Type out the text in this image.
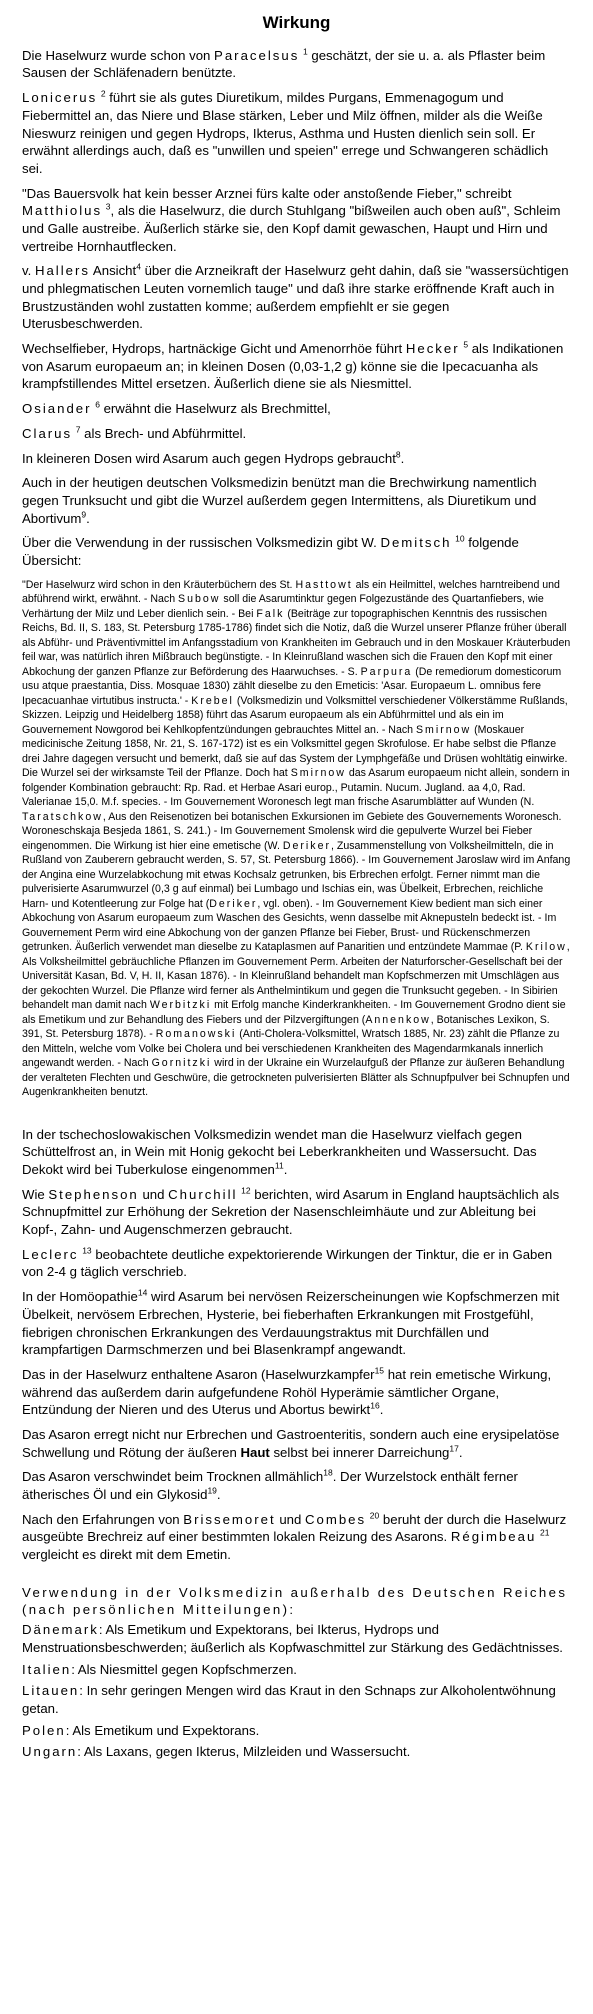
Wirkung

Die Haselwurz wurde schon von Paracelsus $^1$ geschätzt, der sie u. a. als Pflaster beim Sausen der Schläfenadern benützte.

Lonicerus $^2$ führt sie als gutes Diuretikum, mildes Purgans, Emmenagogum und Fiebermittel an, das Niere und Blase stärken, Leber und Milz öffnen, milder als die Weiße Nieswurz reinigen und gegen Hydrops, Ikterus, Asthma und Husten dienlich sein soll. Er erwähnt allerdings auch, daß es "unwillen und speien" errege und Schwangeren schädlich sei.

"Das Bauersvolk hat kein besser Arznei fürs kalte oder anstoßende Fieber," schreibt Matthiolus $^3$, als die Haselwurz, die durch Stuhlgang "bißweilen auch oben auß", Schleim und Galle austreibe. Äußerlich stärke sie, den Kopf damit gewaschen, Haupt und Hirn und vertreibe Hornhautflecken.

v. Hallers Ansicht$^4$ über die Arzneikraft der Haselwurz geht dahin, daß sie "wassersüchtigen und phlegmatischen Leuten vornemlich tauge" und daß ihre starke eröffnende Kraft auch in Brustzuständen wohl zustatten komme; außerdem empfiehlt er sie gegen Uterusbeschwerden.

Wechselfieber, Hydrops, hartnäckige Gicht und Amenorrhöe führt Hecker $^5$ als Indikationen von Asarum europaeum an; in kleinen Dosen (0,03-1,2 g) könne sie die Ipecacuanha als krampfstillendes Mittel ersetzen. Äußerlich diene sie als Niesmittel.

Osiander $^6$ erwähnt die Haselwurz als Brechmittel,

Clarus $^7$ als Brech- und Abführmittel.

In kleineren Dosen wird Asarum auch gegen Hydrops gebraucht$^8$.

Auch in der heutigen deutschen Volksmedizin benützt man die Brechwirkung namentlich gegen Trunksucht und gibt die Wurzel außerdem gegen Intermittens, als Diuretikum und Abortivum$^9$.

Über die Verwendung in der russischen Volksmedizin gibt W. Demitsch $^{10}$ folgende Übersicht:

"Der Haselwurz wird schon in den Kräuterbüchern des St. Hasttowt als ein Heilmittel, welches harntreibend und abführend wirkt, erwähnt. - Nach Subow soll die Asarumtinktur gegen Folgezustände des Quartanfiebers, wie Verhärtung der Milz und Leber dienlich sein. - Bei Falk (Beiträge zur topographischen Kenntnis des russischen Reichs, Bd. II, S. 183, St. Petersburg 1785-1786) findet sich die Notiz, daß die Wurzel unserer Pflanze früher überall als Abführ- und Präventivmittel im Anfangsstadium von Krankheiten im Gebrauch und in den Moskauer Kräuterbuden feil war, was natürlich ihren Mißbrauch begünstigte. - In Kleinrußland waschen sich die Frauen den Kopf mit einer Abkochung der ganzen Pflanze zur Beförderung des Haarwuchses. - S. Parpura (De remediorum domesticorum usu atque praestantia, Diss. Mosquae 1830) zählt dieselbe zu den Emeticis: 'Asar. Europaeum L. omnibus fere Ipecacuanhae virtutibus instructa.' - Krebel (Volksmedizin und Volksmittel verschiedener Völkerstämme Rußlands, Skizzen. Leipzig und Heidelberg 1858) führt das Asarum europaeum als ein Abführmittel und als ein im Gouvernement Nowgorod bei Kehlkopfentzündungen gebrauchtes Mittel an. - Nach Smirnow (Moskauer medicinische Zeitung 1858, Nr. 21, S. 167-172) ist es ein Volksmittel gegen Skrofulose. Er habe selbst die Pflanze drei Jahre dagegen versucht und bemerkt, daß sie auf das System der Lymphgefäße und Drüsen wohltätig einwirke. Die Wurzel sei der wirksamste Teil der Pflanze. Doch hat Smirnow das Asarum europaeum nicht allein, sondern in folgender Kombination gebraucht: Rp. Rad. et Herbae Asari europ., Putamin. Nucum. Jugland. aa 4,0, Rad. Valerianae 15,0. M.f. species. - Im Gouvernement Woronesch legt man frische Asarumblätter auf Wunden (N. Taratschkow, Aus den Reisenotizen bei botanischen Exkursionen im Gebiete des Gouvernements Woronesch. Woroneschskaja Besjeda 1861, S. 241.) - Im Gouvernement Smolensk wird die gepulverte Wurzel bei Fieber eingenommen. Die Wirkung ist hier eine emetische (W. Deriker, Zusammenstellung von Volksheilmitteln, die in Rußland von Zauberern gebraucht werden, S. 57, St. Petersburg 1866). - Im Gouvernement Jaroslaw wird im Anfang der Angina eine Wurzelabkochung mit etwas Kochsalz getrunken, bis Erbrechen erfolgt. Ferner nimmt man die pulverisierte Asarumwurzel (0,3 g auf einmal) bei Lumbago und Ischias ein, was Übelkeit, Erbrechen, reichliche Harn- und Kotentleerung zur Folge hat (Deriker, vgl. oben). - Im Gouvernement Kiew bedient man sich einer Abkochung von Asarum europaeum zum Waschen des Gesichts, wenn dasselbe mit Aknepusteln bedeckt ist. - Im Gouvernement Perm wird eine Abkochung von der ganzen Pflanze bei Fieber, Brust- und Rückenschmerzen getrunken. Äußerlich verwendet man dieselbe zu Kataplasmen auf Panaritien und entzündete Mammae (P. Krilow, Als Volksheilmittel gebräuchliche Pflanzen im Gouvernement Perm. Arbeiten der Naturforscher-Gesellschaft bei der Universität Kasan, Bd. V, H. II, Kasan 1876). - In Kleinrußland behandelt man Kopfschmerzen mit Umschlägen aus der gekochten Wurzel. Die Pflanze wird ferner als Anthelmintikum und gegen die Trunksucht gegeben. - In Sibirien behandelt man damit nach Werbitzki mit Erfolg manche Kinderkrankheiten. - Im Gouvernement Grodno dient sie als Emetikum und zur Behandlung des Fiebers und der Pilzvergiftungen (Annenkow, Botanisches Lexikon, S. 391, St. Petersburg 1878). - Romanowski (Anti-Cholera-Volksmittel, Wratsch 1885, Nr. 23) zählt die Pflanze zu den Mitteln, welche vom Volke bei Cholera und bei verschiedenen Krankheiten des Magendarmkanals innerlich angewandt werden. - Nach Gornitzki wird in der Ukraine ein Wurzelaufguß der Pflanze zur äußeren Behandlung der veralteten Flechten und Geschwüre, die getrockneten pulverisierten Blätter als Schnupfpulver bei Schnupfen und Augenkrankheiten benutzt.

In der tschechoslowakischen Volksmedizin wendet man die Haselwurz vielfach gegen Schüttelfrost an, in Wein mit Honig gekocht bei Leberkrankheiten und Wassersucht. Das Dekokt wird bei Tuberkulose eingenommen$^{11}$.

Wie Stephenson und Churchill $^{12}$ berichten, wird Asarum in England hauptsächlich als Schnupfmittel zur Erhöhung der Sekretion der Nasenschleimhäute und zur Ableitung bei Kopf-, Zahn- und Augenschmerzen gebraucht.

Leclerc $^{13}$ beobachtete deutliche expektorierende Wirkungen der Tinktur, die er in Gaben von 2-4 g täglich verschrieb.

In der Homöopathie$^{14}$ wird Asarum bei nervösen Reizerscheinungen wie Kopfschmerzen mit Übelkeit, nervösem Erbrechen, Hysterie, bei fieberhaften Erkrankungen mit Frostgefühl, fiebrigen chronischen Erkrankungen des Verdauungstraktus mit Durchfällen und krampfartigen Darmschmerzen und bei Blasenkrampf angewandt.

Das in der Haselwurz enthaltene Asaron (Haselwurzkampfer$^{15}$ hat rein emetische Wirkung, während das außerdem darin aufgefundene Rohöl Hyperämie sämtlicher Organe, Entzündung der Nieren und des Uterus und Abortus bewirkt$^{16}$.

Das Asaron erregt nicht nur Erbrechen und Gastroenteritis, sondern auch eine erysipelatöse Schwellung und Rötung der äußeren Haut selbst bei innerer Darreichung$^{17}$.

Das Asaron verschwindet beim Trocknen allmählich$^{18}$. Der Wurzelstock enthält ferner ätherisches Öl und ein Glykosid$^{19}$.

Nach den Erfahrungen von Brissemoret und Combes $^{20}$ beruht der durch die Haselwurz ausgeübte Brechreiz auf einer bestimmten lokalen Reizung des Asarons. Régimbeau $^{21}$ vergleicht es direkt mit dem Emetin.

Verwendung in der Volksmedizin außerhalb des Deutschen Reiches (nach persönlichen Mitteilungen):

Dänemark: Als Emetikum und Expektorans, bei Ikterus, Hydrops und Menstruationsbeschwerden; äußerlich als Kopfwaschmittel zur Stärkung des Gedächtnisses.

Italien: Als Niesmittel gegen Kopfschmerzen.

Litauen: In sehr geringen Mengen wird das Kraut in den Schnaps zur Alkoholentwöhnung getan.

Polen: Als Emetikum und Expektorans.

Ungarn: Als Laxans, gegen Ikterus, Milzleiden und Wassersucht.
